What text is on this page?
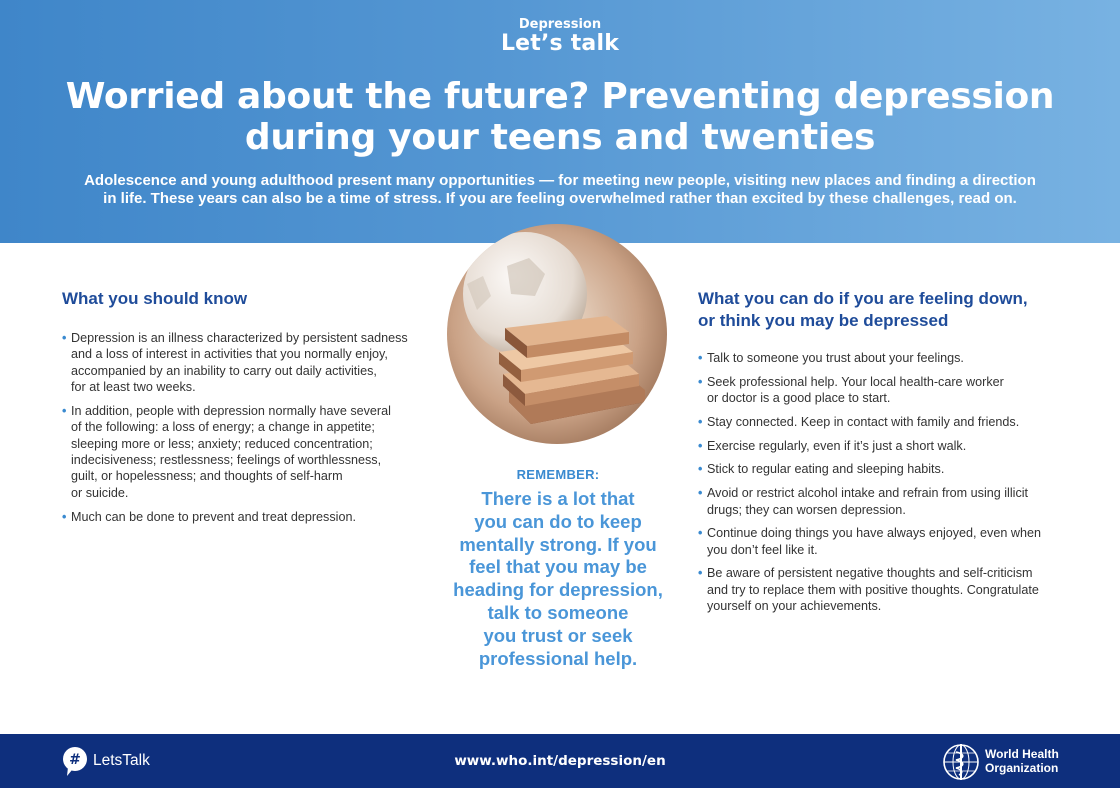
Depression
Let’s talk
Worried about the future? Preventing depression
during your teens and twenties
Adolescence and young adulthood present many opportunities — for meeting new people, visiting new places and finding a direction
in life. These years can also be a time of stress. If you are feeling overwhelmed rather than excited by these challenges, read on.
What you should know
• Depression is an illness characterized by persistent sadness
and a loss of interest in activities that you normally enjoy,
accompanied by an inability to carry out daily activities,
for at least two weeks.
• In addition, people with depression normally have several
of the following: a loss of energy; a change in appetite;
sleeping more or less; anxiety; reduced concentration;
indecisiveness; restlessness; feelings of worthlessness,
guilt, or hopelessness; and thoughts of self-harm
or suicide.
• Much can be done to prevent and treat depression.
REMEMBER:
There is a lot that
you can do to keep
mentally strong. If you
feel that you may be
heading for depression,
talk to someone
you trust or seek
professional help.
What you can do if you are feeling down,
or think you may be depressed
• Talk to someone you trust about your feelings.
• Seek professional help. Your local health-care worker
or doctor is a good place to start.
• Stay connected. Keep in contact with family and friends.
• Exercise regularly, even if it’s just a short walk.
• Stick to regular eating and sleeping habits.
• Avoid or restrict alcohol intake and refrain from using illicit
drugs; they can worsen depression.
• Continue doing things you have always enjoyed, even when
you don’t feel like it.
• Be aware of persistent negative thoughts and self-criticism
and try to replace them with positive thoughts. Congratulate
yourself on your achievements.
# LetsTalk	www.who.int/depression/en	World Health
Organization
